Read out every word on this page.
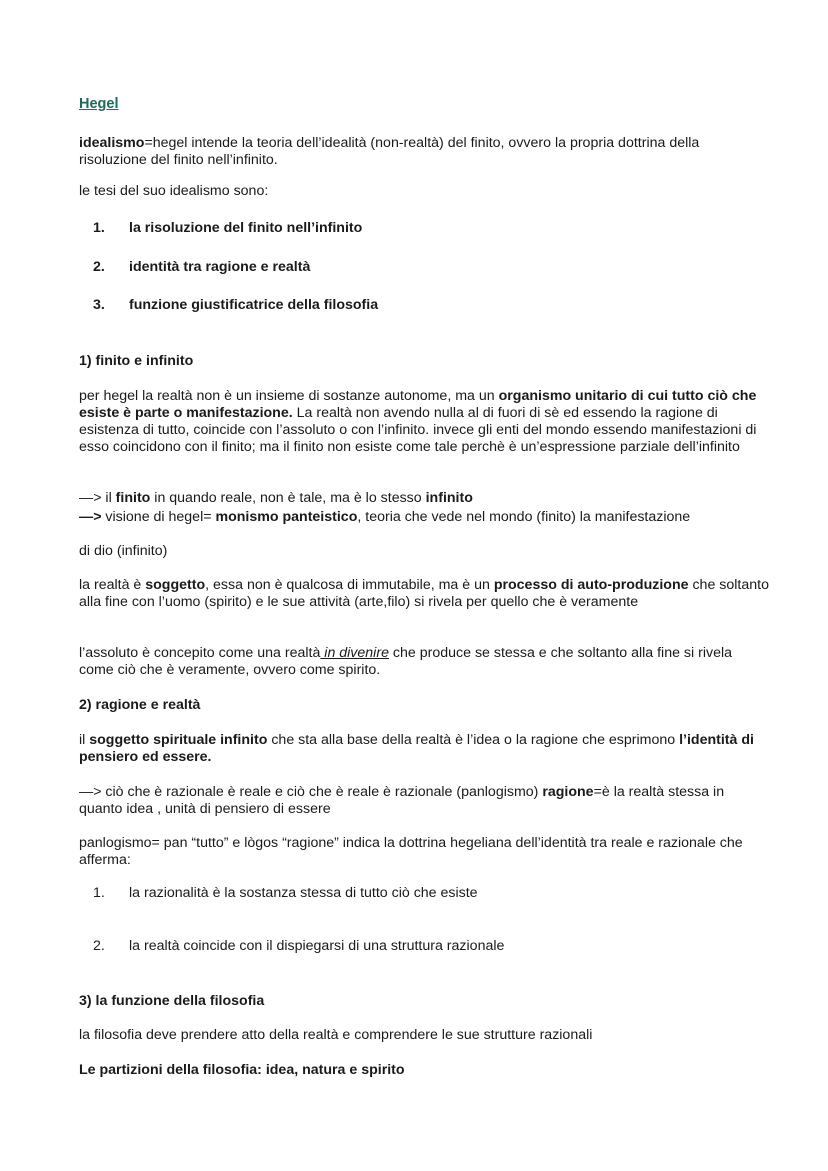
Hegel

idealismo=hegel intende la teoria dell’idealità (non-realtà) del finito, ovvero la propria dottrina della risoluzione del finito nell’infinito.

le tesi del suo idealismo sono:

1. la risoluzione del finito nell’infinito

2. identità tra ragione e realtà

3. funzione giustificatrice della filosofia

1) finito e infinito

per hegel la realtà non è un insieme di sostanze autonome, ma un organismo unitario di cui tutto ciò che esiste è parte o manifestazione. La realtà non avendo nulla al di fuori di sè ed essendo la ragione di esistenza di tutto, coincide con l’assoluto o con l’infinito. invece gli enti del mondo essendo manifestazioni di esso coincidono con il finito; ma il finito non esiste come tale perchè è un’espressione parziale dell’infinito

—> il finito in quando reale, non è tale, ma è lo stesso infinito

—> visione di hegel= monismo panteistico, teoria che vede nel mondo (finito) la manifestazione

di dio (infinito)

la realtà è soggetto, essa non è qualcosa di immutabile, ma è un processo di auto-produzione che soltanto alla fine con l’uomo (spirito) e le sue attività (arte,filo) si rivela per quello che è veramente

l’assoluto è concepito come una realtà in divenire che produce se stessa e che soltanto alla fine si rivela come ciò che è veramente, ovvero come spirito.

2) ragione e realtà

il soggetto spirituale infinito che sta alla base della realtà è l’idea o la ragione che esprimono l’identità di pensiero ed essere.

—> ciò che è razionale è reale e ciò che è reale è razionale (panlogismo) ragione=è la realtà stessa in quanto idea , unità di pensiero di essere

panlogismo= pan “tutto” e lògos “ragione” indica la dottrina hegeliana dell’identità tra reale e razionale che afferma:

1. la razionalità è la sostanza stessa di tutto ciò che esiste

2. la realtà coincide con il dispiegarsi di una struttura razionale

3) la funzione della filosofia

la filosofia deve prendere atto della realtà e comprendere le sue strutture razionali

Le partizioni della filosofia: idea, natura e spirito
